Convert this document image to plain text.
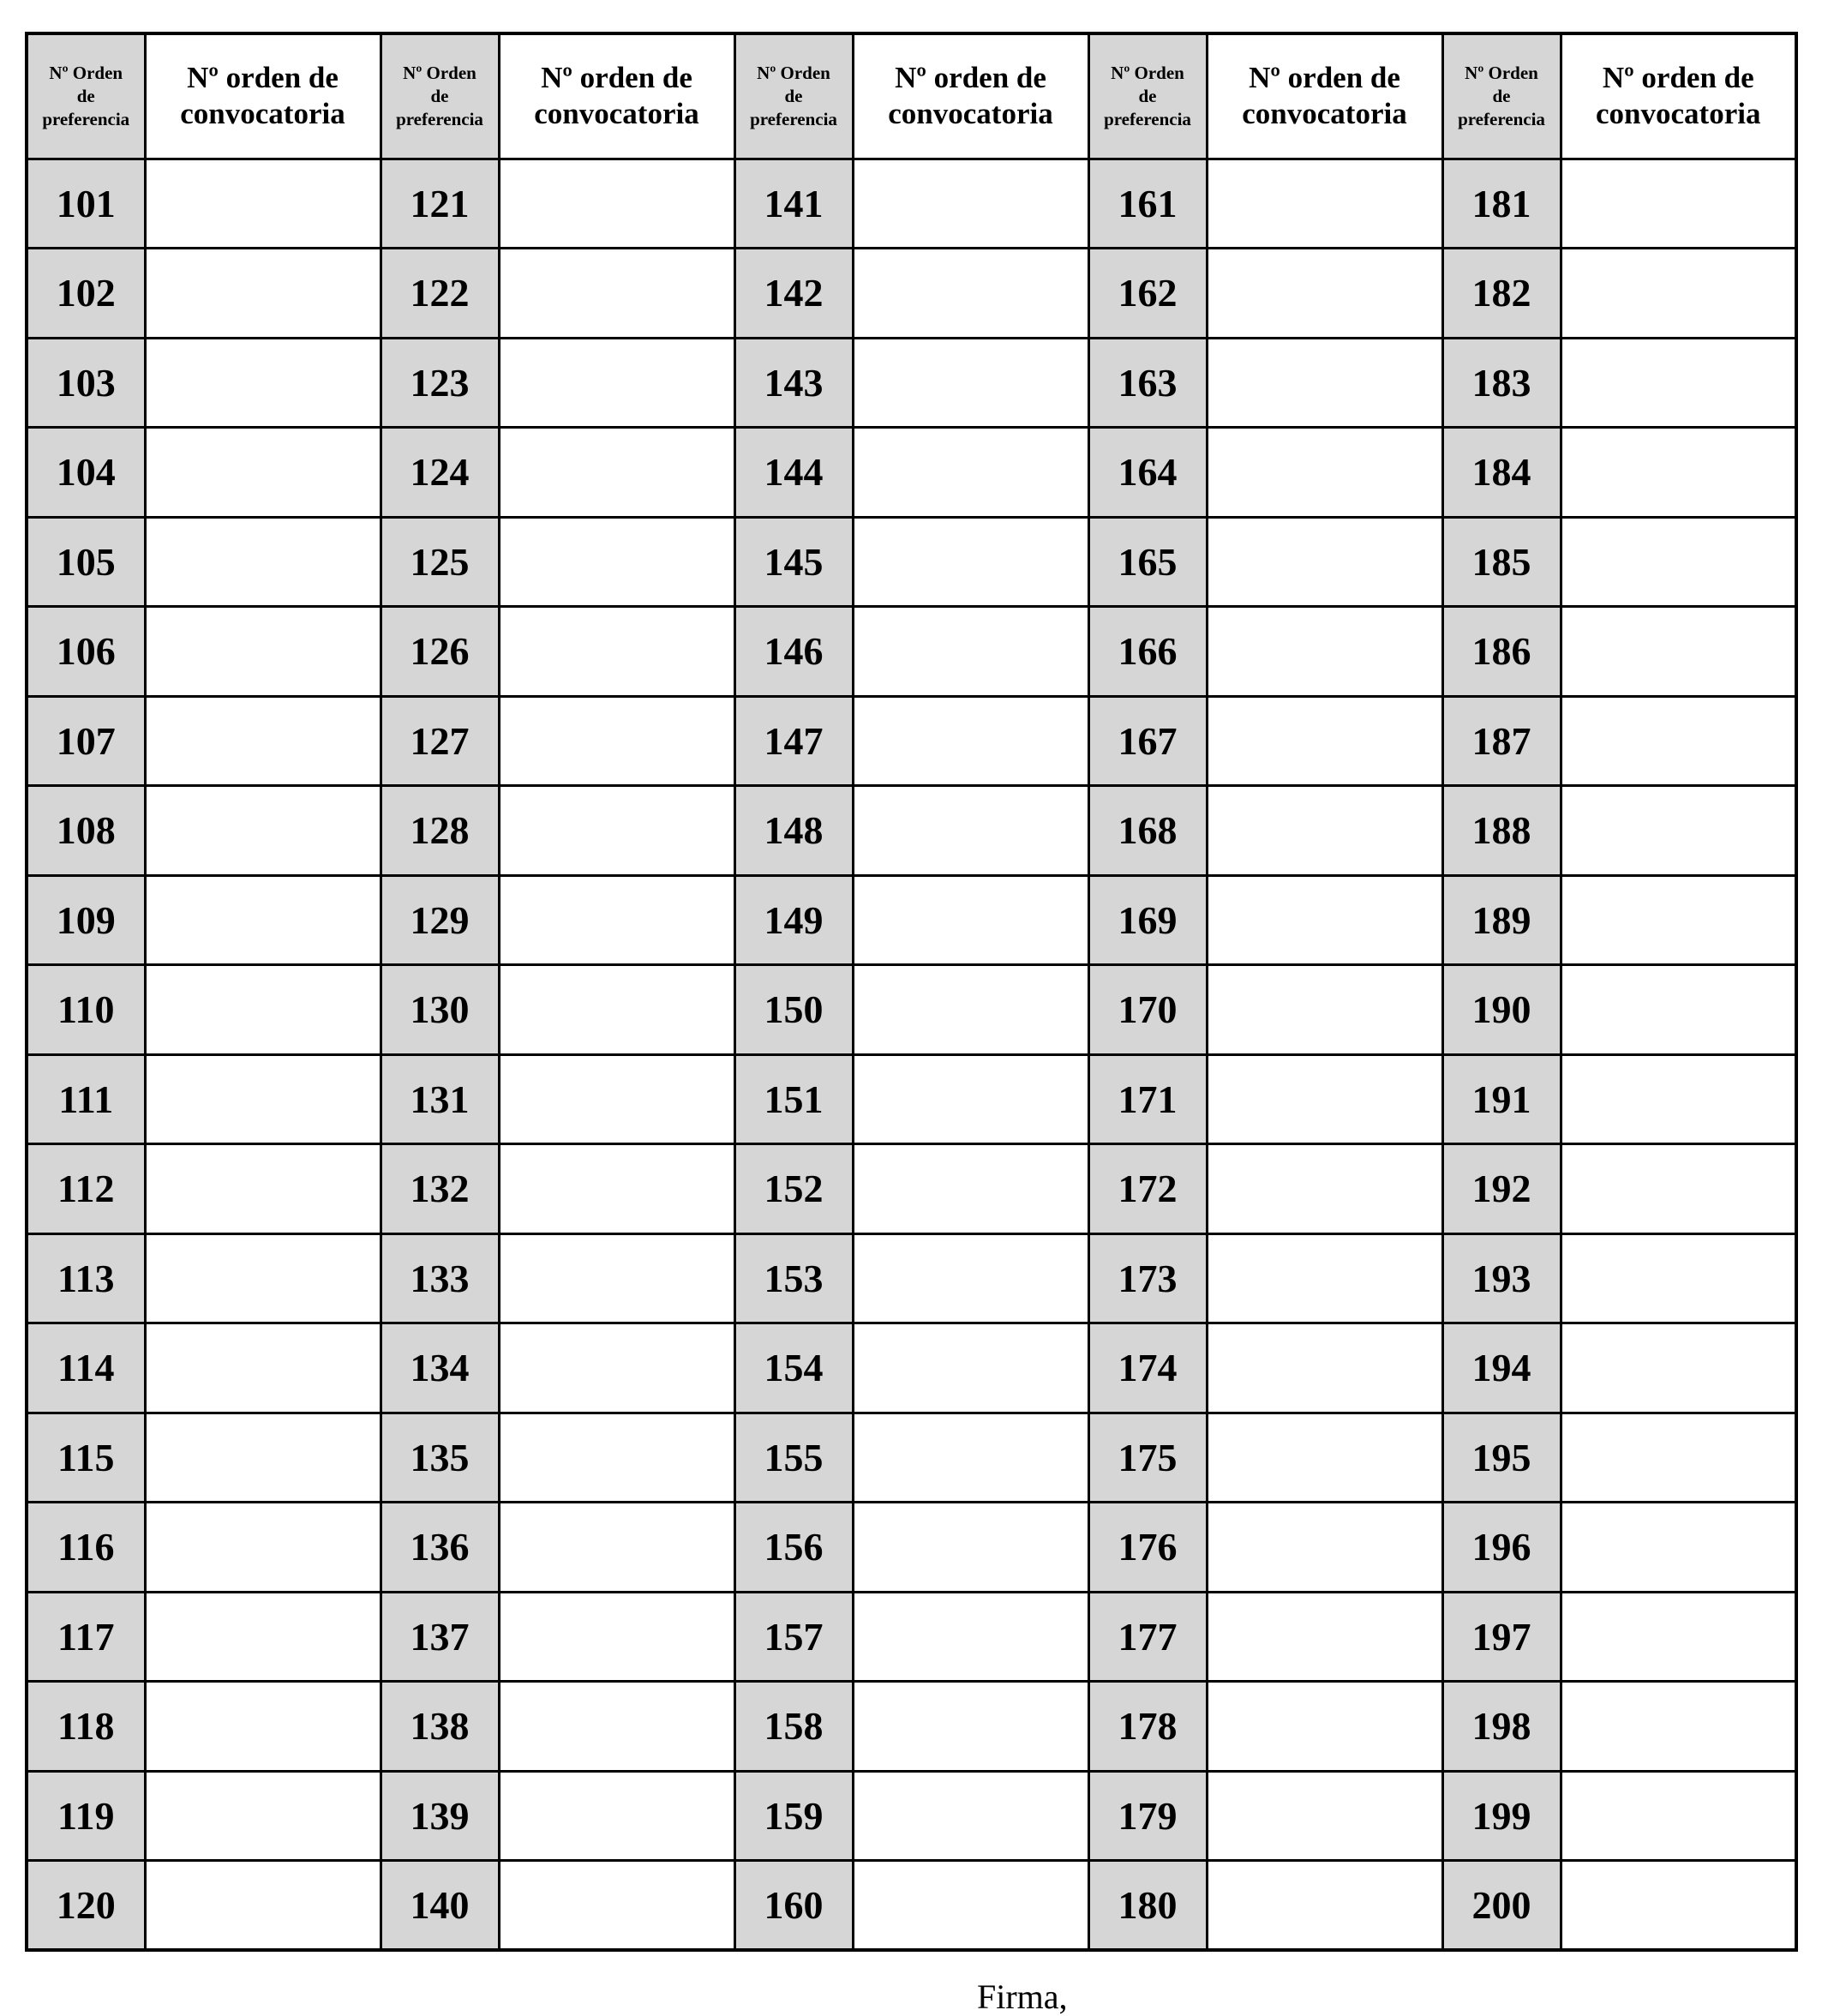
Nº Orden
de
preferencia	Nº orden de
convocatoria	Nº Orden
de
preferencia	Nº orden de
convocatoria	Nº Orden
de
preferencia	Nº orden de
convocatoria	Nº Orden
de
preferencia	Nº orden de
convocatoria	Nº Orden
de
preferencia	Nº orden de
convocatoria

101		121		141		161		181	
102		122		142		162		182	
103		123		143		163		183	
104		124		144		164		184	
105		125		145		165		185	
106		126		146		166		186	
107		127		147		167		187	
108		128		148		168		188	
109		129		149		169		189	
110		130		150		170		190	
111		131		151		171		191	
112		132		152		172		192	
113		133		153		173		193	
114		134		154		174		194	
115		135		155		175		195	
116		136		156		176		196	
117		137		157		177		197	
118		138		158		178		198	
119		139		159		179		199	
120		140		160		180		200	
Firma,
